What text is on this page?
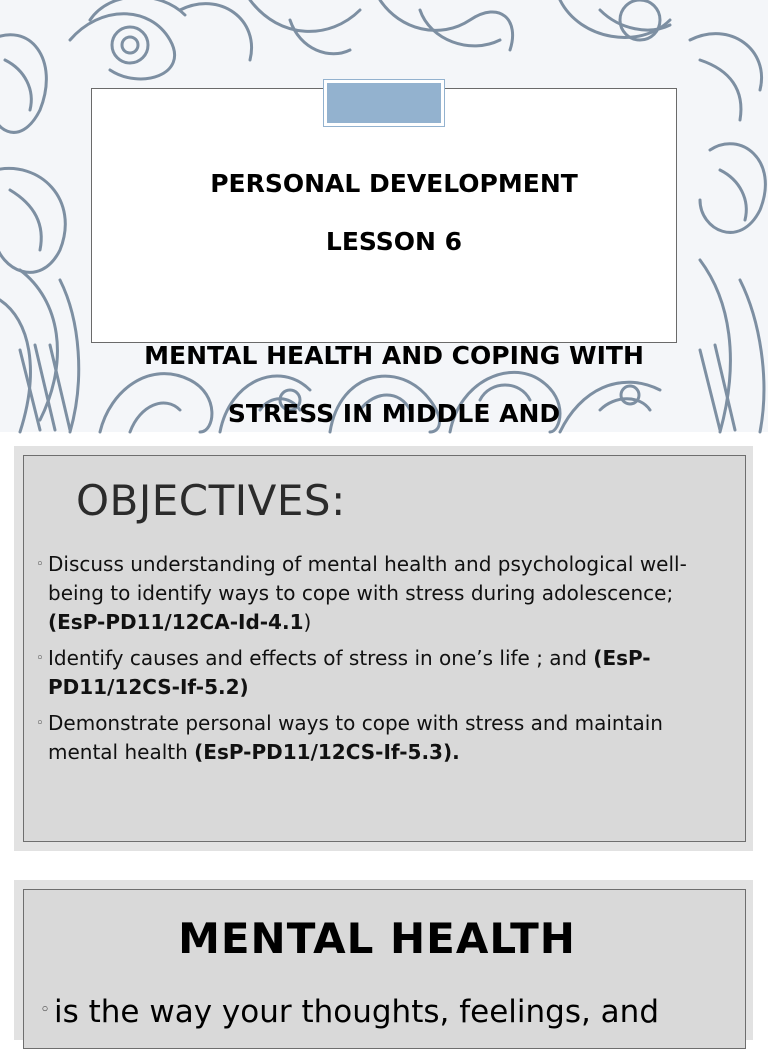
PERSONAL DEVELOPMENT

LESSON 6

MENTAL HEALTH AND COPING WITH

STRESS IN MIDDLE AND

OBJECTIVES:
◦ Discuss understanding of mental health and psychological well-being to identify ways to cope with stress during adolescence; (EsP-PD11/12CA-Id-4.1)
◦ Identify causes and effects of stress in one’s life ; and (EsP-PD11/12CS-If-5.2)
◦ Demonstrate personal ways to cope with stress and maintain mental health (EsP-PD11/12CS-If-5.3).
MENTAL HEALTH
◦ is the way your thoughts, feelings, and
